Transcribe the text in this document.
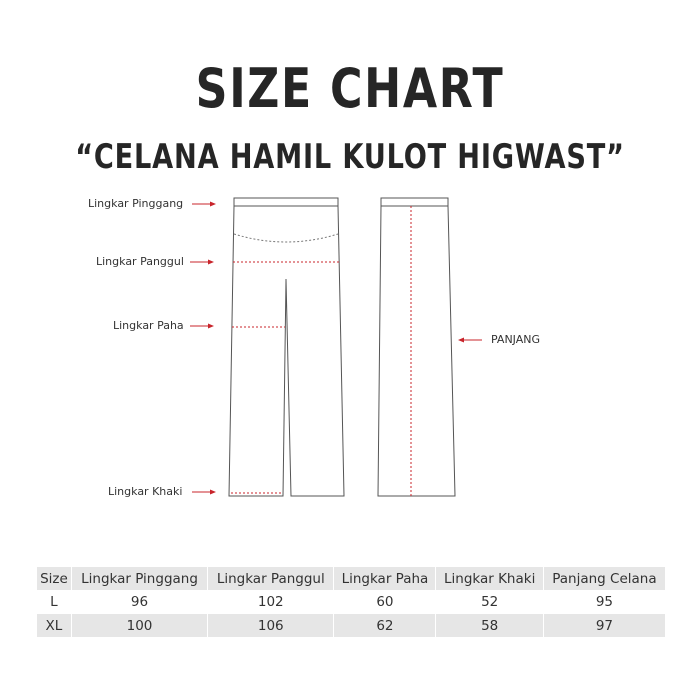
SIZE CHART
“CELANA HAMIL KULOT HIGWAST”
Lingkar Pinggang
Lingkar Panggul
Lingkar Paha
Lingkar Khaki
PANJANG
Size	Lingkar Pinggang	Lingkar Panggul	Lingkar Paha	Lingkar Khaki	Panjang Celana
L	96	102	60	52	95
XL	100	106	62	58	97
